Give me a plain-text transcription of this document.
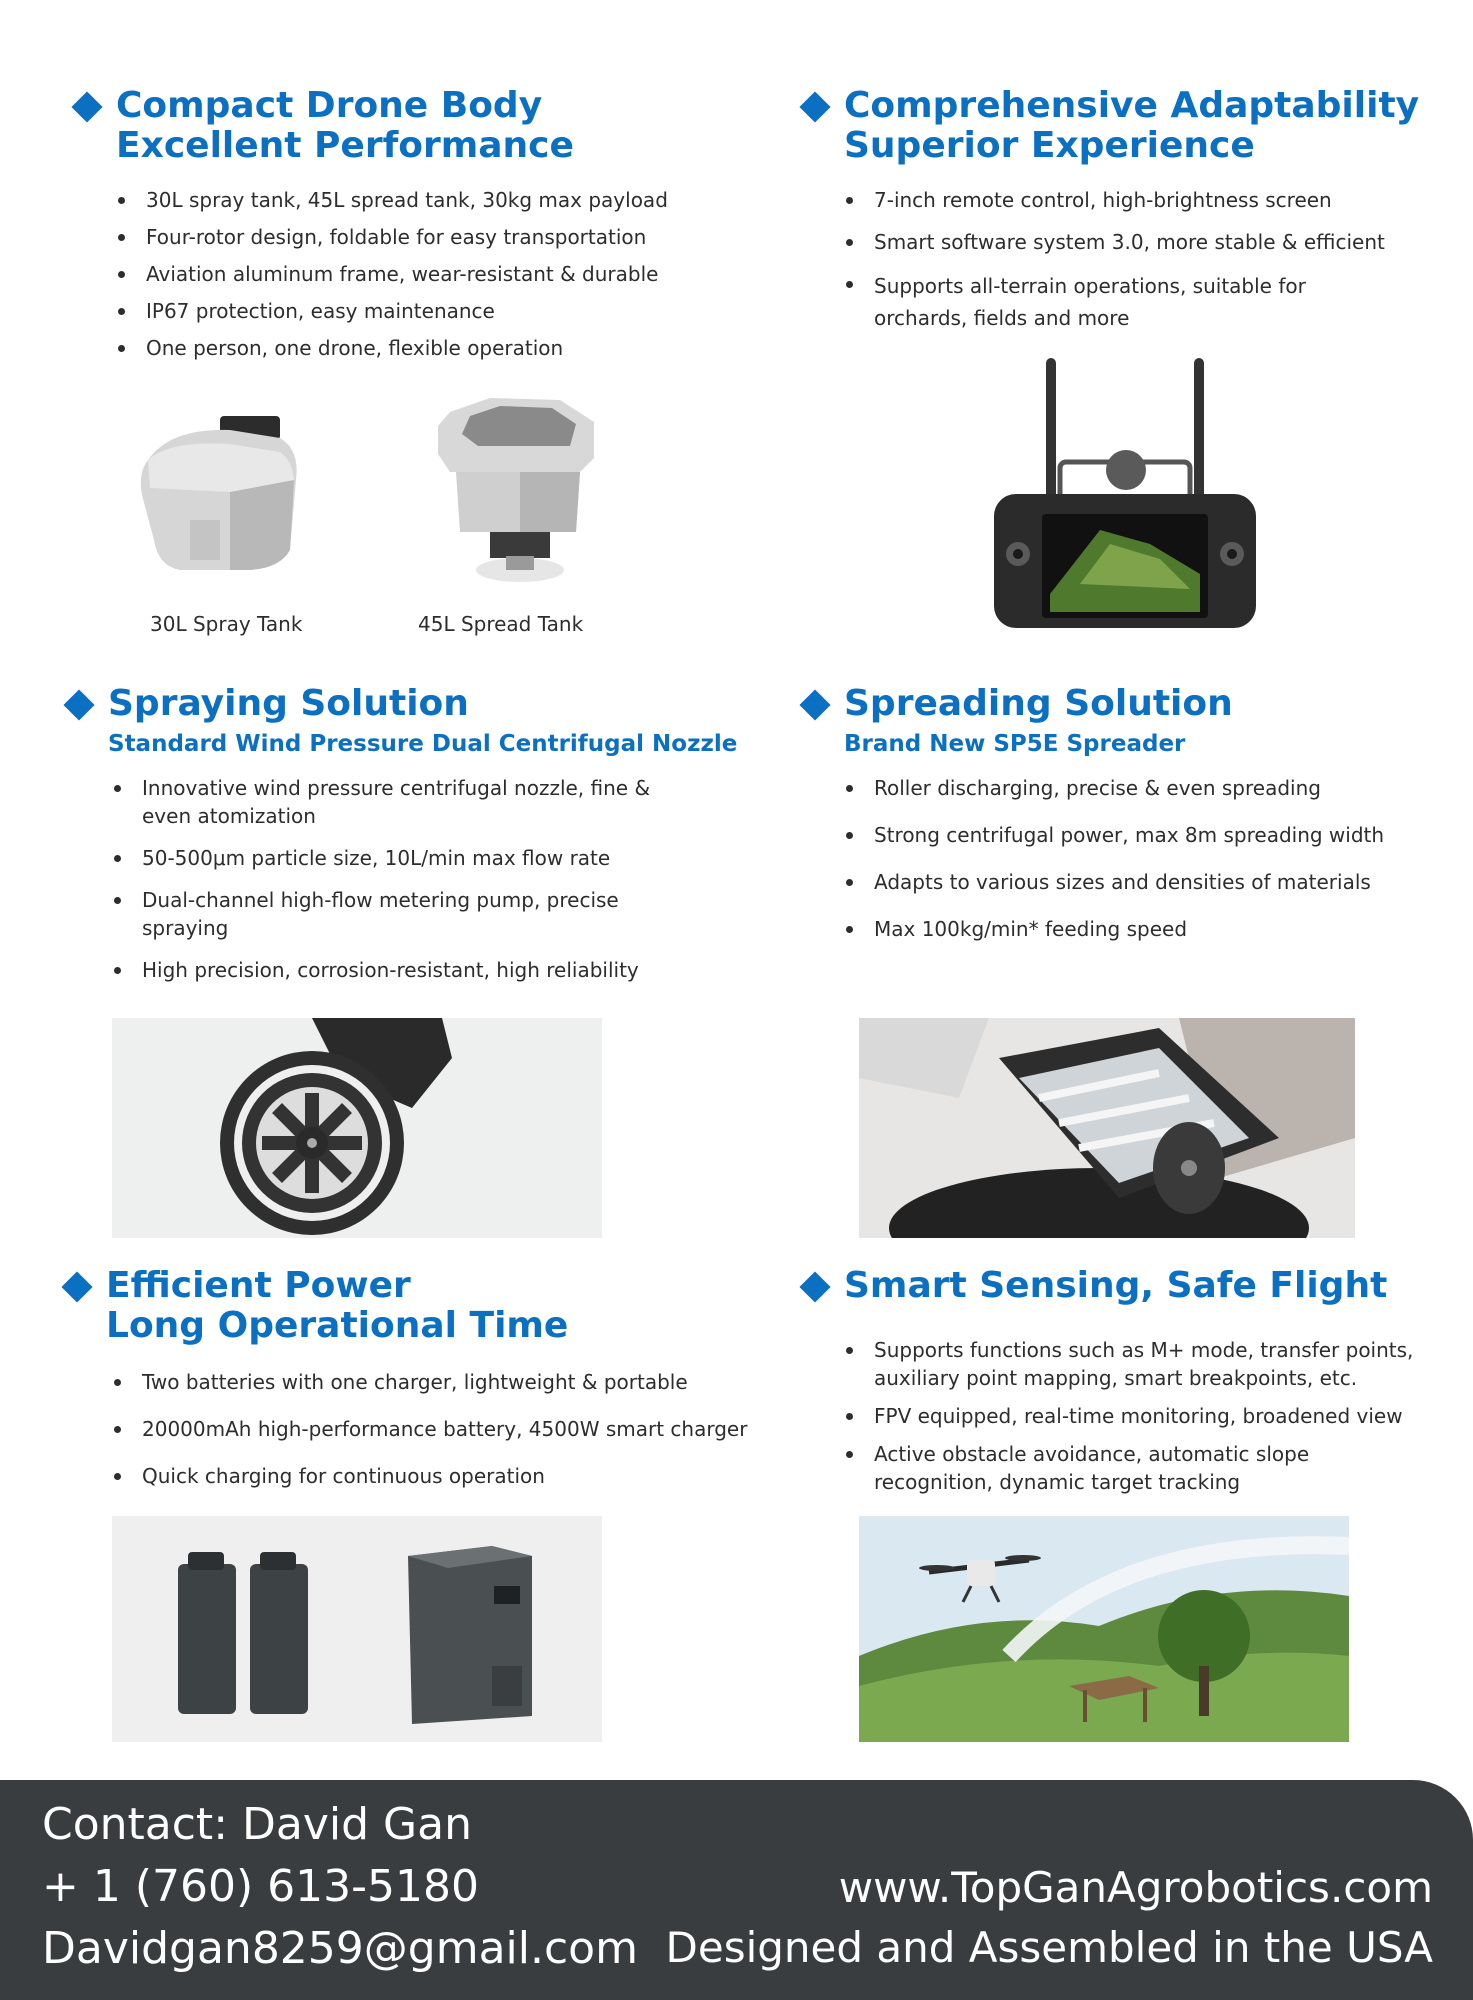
Compact Drone Body
Excellent Performance
30L spray tank, 45L spread tank, 30kg max payload
Four-rotor design, foldable for easy transportation
Aviation aluminum frame, wear-resistant & durable
IP67 protection, easy maintenance
One person, one drone, flexible operation
30L Spray Tank	45L Spread Tank
Comprehensive Adaptability
Superior Experience
7-inch remote control, high-brightness screen
Smart software system 3.0, more stable & efficient
Supports all-terrain operations, suitable for orchards, fields and more
Spraying Solution
Standard Wind Pressure Dual Centrifugal Nozzle
Innovative wind pressure centrifugal nozzle, fine & even atomization
50-500μm particle size, 10L/min max flow rate
Dual-channel high-flow metering pump, precise spraying
High precision, corrosion-resistant, high reliability
Spreading Solution
Brand New SP5E Spreader
Roller discharging, precise & even spreading
Strong centrifugal power, max 8m spreading width
Adapts to various sizes and densities of materials
Max 100kg/min* feeding speed
Efficient Power
Long Operational Time
Two batteries with one charger, lightweight & portable
20000mAh high-performance battery, 4500W smart charger
Quick charging for continuous operation
Smart Sensing, Safe Flight
Supports functions such as M+ mode, transfer points, auxiliary point mapping, smart breakpoints, etc.
FPV equipped, real-time monitoring, broadened view
Active obstacle avoidance, automatic slope recognition, dynamic target tracking
Contact: David Gan
+ 1 (760) 613-5180
Davidgan8259@gmail.com
www.TopGanAgrobotics.com
Designed and Assembled in the USA
